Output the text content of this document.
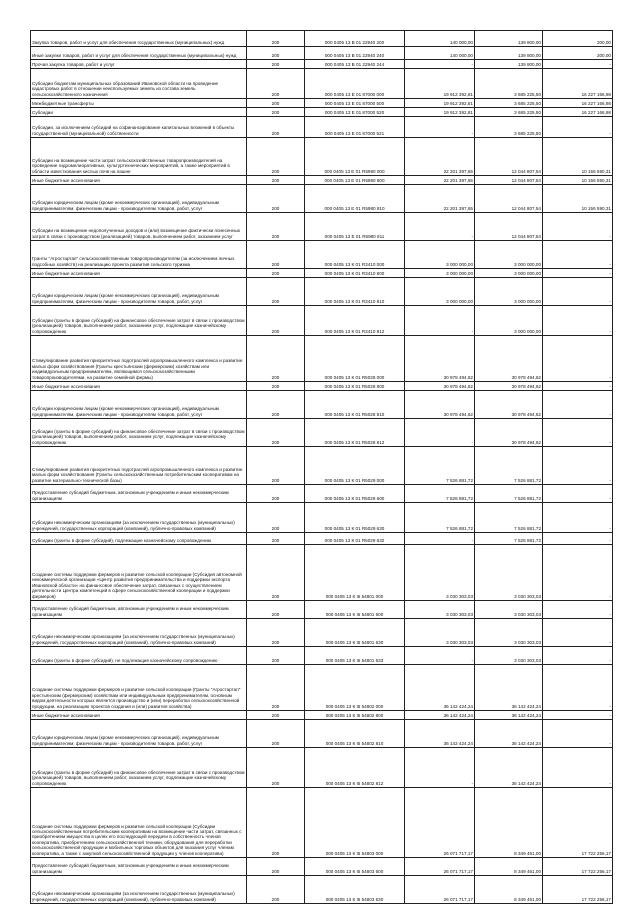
Закупка товаров, работ и услуг для обеспечения государственных (муниципальных) нужд	200	000 0405 13 В 01 22940 200	140 000,00	139 800,00	200,00
Иные закупки товаров, работ и услуг для обеспечения государственных (муниципальных) нужд	200	000 0405 13 В 01 22940 240	140 000,00	139 800,00	200,00
Прочая закупка товаров, работ и услуг	200	000 0405 13 В 01 22940 244	-	139 800,00	-
Субсидии бюджетам муниципальных образований Ивановской области на проведение кадастровых работ в отношении неиспользуемых земель из состава земель сельскохозяйственного назначения	200	000 0405 13 Е 01 87000 000	19 912 392,81	3 685 225,50	16 227 166,98
Межбюджетные трансферты	200	000 0405 13 Е 01 87000 500	19 912 392,81	3 685 225,50	16 227 166,98
Субсидии	200	000 0405 13 Е 01 87000 520	19 912 392,81	3 685 225,50	16 227 166,98
Субсидии, за исключением субсидий на софинансирование капитальных вложений в объекты государственной (муниципальной) собственности	200	000 0405 13 Е 01 87000 521	-	3 685 225,50	-
Субсидии на возмещение части затрат сельскохозяйственных товаропроизводителей на проведение гидромелиоративных, культуртехнических мероприятий, а также мероприятий в области известкования кислых почв на пашне	200	000 0405 13 Е 01 R5980 000	22 201 397,65	12 044 807,54	10 156 590,31
Иные бюджетные ассигнования	200	000 0405 13 Е 01 R5980 800	22 201 397,65	12 044 807,54	10 156 590,31
Субсидии юридическим лицам (кроме некоммерческих организаций), индивидуальным предпринимателям, физическим лицам - производителям товаров, работ, услуг	200	000 0405 13 Е 01 R5980 810	22 201 397,65	12 044 807,54	10 156 590,31
Субсидии на возмещение недополученных доходов и (или) возмещение фактически понесенных затрат в связи с производством (реализацией) товаров, выполнением работ, оказанием услуг	200	000 0405 13 Е 01 R5980 811	-	12 044 807,54	-
Гранты "Агростартап" сельскохозяйственным товаропроизводителям (за исключением личных подсобных хозяйств) на реализацию проекта развития сельского туризма	200	000 0405 13 К 01 R3410 000	3 000 000,00	3 000 000,00	-
Иные бюджетные ассигнования	200	000 0405 13 К 01 R3410 800	3 000 000,00	3 000 000,00	-
Субсидии юридическим лицам (кроме некоммерческих организаций), индивидуальным предпринимателям, физическим лицам - производителям товаров, работ, услуг	200	000 0405 13 К 01 R3410 810	3 000 000,00	3 000 000,00	-
Субсидии (гранты в форме субсидий) на финансовое обеспечение затрат в связи с производством (реализацией) товаров, выполнением работ, оказанием услуг, подлежащие казначейскому сопровождению	200	000 0405 13 К 01 R3410 812	-	3 000 000,00	-
Стимулирование развития приоритетных подотраслей агропромышленного комплекса и развитие малых форм хозяйствования (Гранты крестьянским (фермерским) хозяйствам или индивидуальным предпринимателям, являющимся сельскохозяйственными товаропроизводителями, на развитие семейной фермы)	200	000 0405 13 К 01 R5028 000	30 978 494,62	30 978 494,62	-
Иные бюджетные ассигнования	200	000 0405 13 К 01 R5028 800	30 978 494,62	30 978 494,62	-
Субсидии юридическим лицам (кроме некоммерческих организаций), индивидуальным предпринимателям, физическим лицам - производителям товаров, работ, услуг	200	000 0405 13 К 01 R5028 810	30 978 494,62	30 978 494,62	-
Субсидии (гранты в форме субсидий) на финансовое обеспечение затрат в связи с производством (реализацией) товаров, выполнением работ, оказанием услуг, подлежащие казначейскому сопровождению	200	000 0405 13 К 01 R5028 812	-	30 978 494,62	-
Стимулирование развития приоритетных подотраслей агропромышленного комплекса и развитие малых форм хозяйствования (Гранты сельскохозяйственным потребительским кооперативам на развитие материально-технической базы)	200	000 0405 13 К 01 R5029 000	7 526 881,72	7 526 881,72	-
Предоставление субсидий бюджетным, автономным учреждениям и иным некоммерческим организациям	200	000 0405 13 К 01 R5029 600	7 526 881,72	7 526 881,72	-
Субсидии некоммерческим организациям (за исключением государственных (муниципальных) учреждений, государственных корпораций (компаний), публично-правовых компаний)	200	000 0405 13 К 01 R5029 630	7 526 881,72	7 526 881,72	-
Субсидии (гранты в форме субсидий), подлежащие казначейскому сопровождению	200	000 0405 13 К 01 R5029 632	-	7 526 881,72	-
Создание системы поддержки фермеров и развитие сельской кооперации (Субсидия автономной некоммерческой организации «Центр развития предпринимательства и поддержки экспорта Ивановской области» на финансовое обеспечение затрат, связанных с осуществлением деятельности Центра компетенций в сфере сельскохозяйственной кооперации и поддержки фермеров)	200	000 0405 13 К I5 54801 000	3 030 303,03	3 030 303,03	-
Предоставление субсидий бюджетным, автономным учреждениям и иным некоммерческим организациям	200	000 0405 13 К I5 54801 600	3 030 303,03	3 030 303,03	-
Субсидии некоммерческим организациям (за исключением государственных (муниципальных) учреждений, государственных корпораций (компаний), публично-правовых компаний)	200	000 0405 13 К I5 54801 630	3 030 303,03	3 030 303,03	-
Субсидии (гранты в форме субсидий), не подлежащие казначейскому сопровождению	200	000 0405 13 К I5 54801 633	-	3 030 303,03	-
Создание системы поддержки фермеров и развитие сельской кооперации (Гранты "Агростартап" крестьянским (фермерским) хозяйствам или индивидуальным предпринимателям, основным видом деятельности которых является производство и (или) переработка сельскохозяйственной продукции, на реализацию проектов создания и (или) развития хозяйства)	200	000 0405 13 К I5 54802 000	36 142 424,24	36 142 424,24	-
Иные бюджетные ассигнования	200	000 0405 13 К I5 54802 800	36 142 424,24	36 142 424,24	-
Субсидии юридическим лицам (кроме некоммерческих организаций), индивидуальным предпринимателям, физическим лицам - производителям товаров, работ, услуг	200	000 0405 13 К I5 54802 810	36 142 424,24	36 142 424,24	-
Субсидии (гранты в форме субсидий) на финансовое обеспечение затрат в связи с производством (реализацией) товаров, выполнением работ, оказанием услуг, подлежащие казначейскому сопровождению	200	000 0405 13 К I5 54802 812	-	36 142 424,24	-
Создание системы поддержки фермеров и развитие сельской кооперации (Субсидии сельскохозяйственным потребительским кооперативам на возмещение части затрат, связанных с приобретением имущества в целях его последующей передачи в собственность членов кооператива, приобретением сельскохозяйственной техники, оборудования для переработки сельскохозяйственной продукции и мобильных торговых объектов для оказания услуг членам кооператива, а также с закупкой сельскохозяйственной продукции у членов кооператива)	200	000 0405 13 К I5 54803 000	26 071 717,17	8 349 461,00	17 722 256,17
Предоставление субсидий бюджетным, автономным учреждениям и иным некоммерческим организациям	200	000 0405 13 К I5 54803 600	26 071 717,17	8 349 461,00	17 722 256,17
Субсидии некоммерческим организациям (за исключением государственных (муниципальных) учреждений, государственных корпораций (компаний), публично-правовых компаний)	200	000 0405 13 К I5 54803 630	26 071 717,17	8 349 461,00	17 722 256,17
